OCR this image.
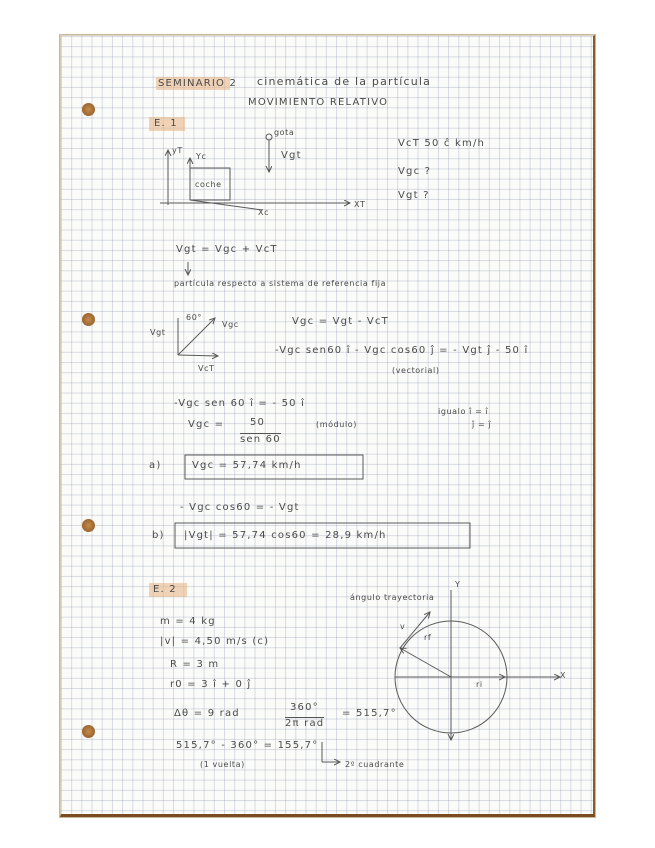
SEMINARIO 2 cinemática de la partícula
MOVIMIENTO RELATIVO
E. 1
gota
Vgt
yT
Yc
coche
Xc
XT
VcT 50 ĉ km/h
Vgc ?
Vgt ?
Vgt = Vgc + VcT
partícula respecto a sistema de referencia fija
Vgt
60°
Vgc
VcT
Vgc = Vgt - VcT
-Vgc sen60 î - Vgc cos60 ĵ = - Vgt ĵ - 50 î
(vectorial)
-Vgc sen 60 î = - 50 î
Vgc =	50
sen 60
(módulo)
igualo î = î
ĵ = ĵ
a)	Vgc = 57,74 km/h
- Vgc cos60 = - Vgt
b) |Vgt| = 57,74 cos60 = 28,9 km/h
E. 2
m = 4 kg
|v| = 4,50 m/s (c)
R = 3 m
r0 = 3 î + 0 ĵ
ángulo trayectoria
Y
X
rf
ri
v
Δθ = 9 rad
360°
2π rad
= 515,7°
515,7° - 360° = 155,7°
(1 vuelta)	2º cuadrante
